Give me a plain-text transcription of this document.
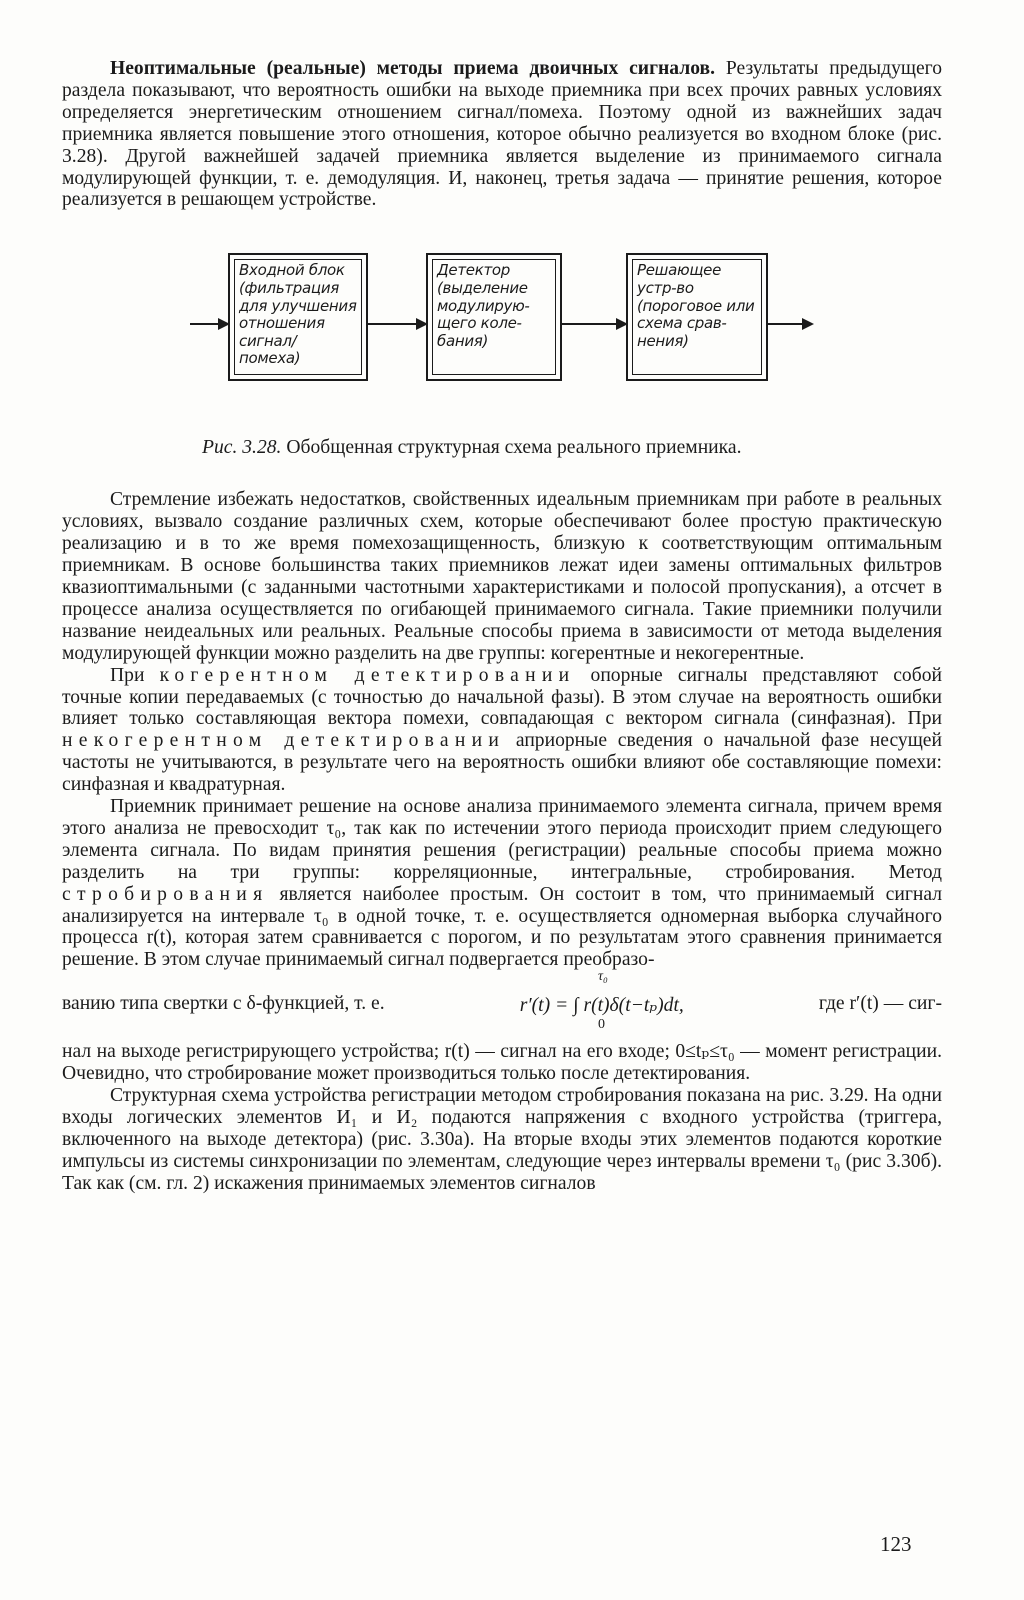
Неоптимальные (реальные) методы приема двоичных сигналов. Результаты предыдущего раздела показывают, что вероятность ошибки на выходе приемника при всех прочих равных условиях определяется энергетическим отношением сигнал/помеха. Поэтому одной из важнейших задач приемника является повышение этого отношения, которое обычно реализуется во входном блоке (рис. 3.28). Другой важнейшей задачей приемника является выделение из принимаемого сигнала модулирующей функции, т. е. демодуляция. И, наконец, третья задача — принятие решения, которое реализуется в решающем устройстве.

Входной блок
(фильтрация
для улучшения
отношения
сигнал/помеха)
Детектор
(выделение
модулирую-
щего коле-
бания)
Решающее
устр-во
(пороговое или
схема срав-
нения)

Рис. 3.28. Обобщенная структурная схема реального приемника.

Стремление избежать недостатков, свойственных идеальным приемникам при работе в реальных условиях, вызвало создание различных схем, которые обеспечивают более простую практическую реализацию и в то же время помехозащищенность, близкую к соответствующим оптимальным приемникам. В основе большинства таких приемников лежат идеи замены оптимальных фильтров квазиоптимальными (с заданными частотными характеристиками и полосой пропускания), а отсчет в процессе анализа осуществляется по огибающей принимаемого сигнала. Такие приемники получили название неидеальных или реальных. Реальные способы приема в зависимости от метода выделения модулирующей функции можно разделить на две группы: когерентные и некогерентные.

При когерентном детектировании опорные сигналы представляют собой точные копии передаваемых (с точностью до начальной фазы). В этом случае на вероятность ошибки влияет только составляющая вектора помехи, совпадающая с вектором сигнала (синфазная). При некогерентном детектировании априорные сведения о начальной фазе несущей частоты не учитываются, в результате чего на вероятность ошибки влияют обе составляющие помехи: синфазная и квадратурная.

Приемник принимает решение на основе анализа принимаемого элемента сигнала, причем время этого анализа не превосходит τ₀, так как по истечении этого периода происходит прием следующего элемента сигнала. По видам принятия решения (регистрации) реальные способы приема можно разделить на три группы: корреляционные, интегральные, стробирования. Метод стробирования является наиболее простым. Он состоит в том, что принимаемый сигнал анализируется на интервале τ₀ в одной точке, т. е. осуществляется одномерная выборка случайного процесса r(t), которая затем сравнивается с порогом, и по результатам этого сравнения принимается решение. В этом случае принимаемый сигнал подвергается преобразо-

τ₀
0
ванию типа свертки с δ-функцией, т. е.	r′(t) = ∫ r(t)δ(t−tₚ)dt,	где r′(t) — сиг-

нал на выходе регистрирующего устройства; r(t) — сигнал на его входе; 0≤tₚ≤τ₀ — момент регистрации. Очевидно, что стробирование может производиться только после детектирования.

Структурная схема устройства регистрации методом стробирования показана на рис. 3.29. На одни входы логических элементов И₁ и И₂ подаются напряжения с входного устройства (триггера, включенного на выходе детектора) (рис. 3.30а). На вторые входы этих элементов подаются короткие импульсы из системы синхронизации по элементам, следующие через интервалы времени τ₀ (рис 3.30б). Так как (см. гл. 2) искажения принимаемых элементов сигналов

123
